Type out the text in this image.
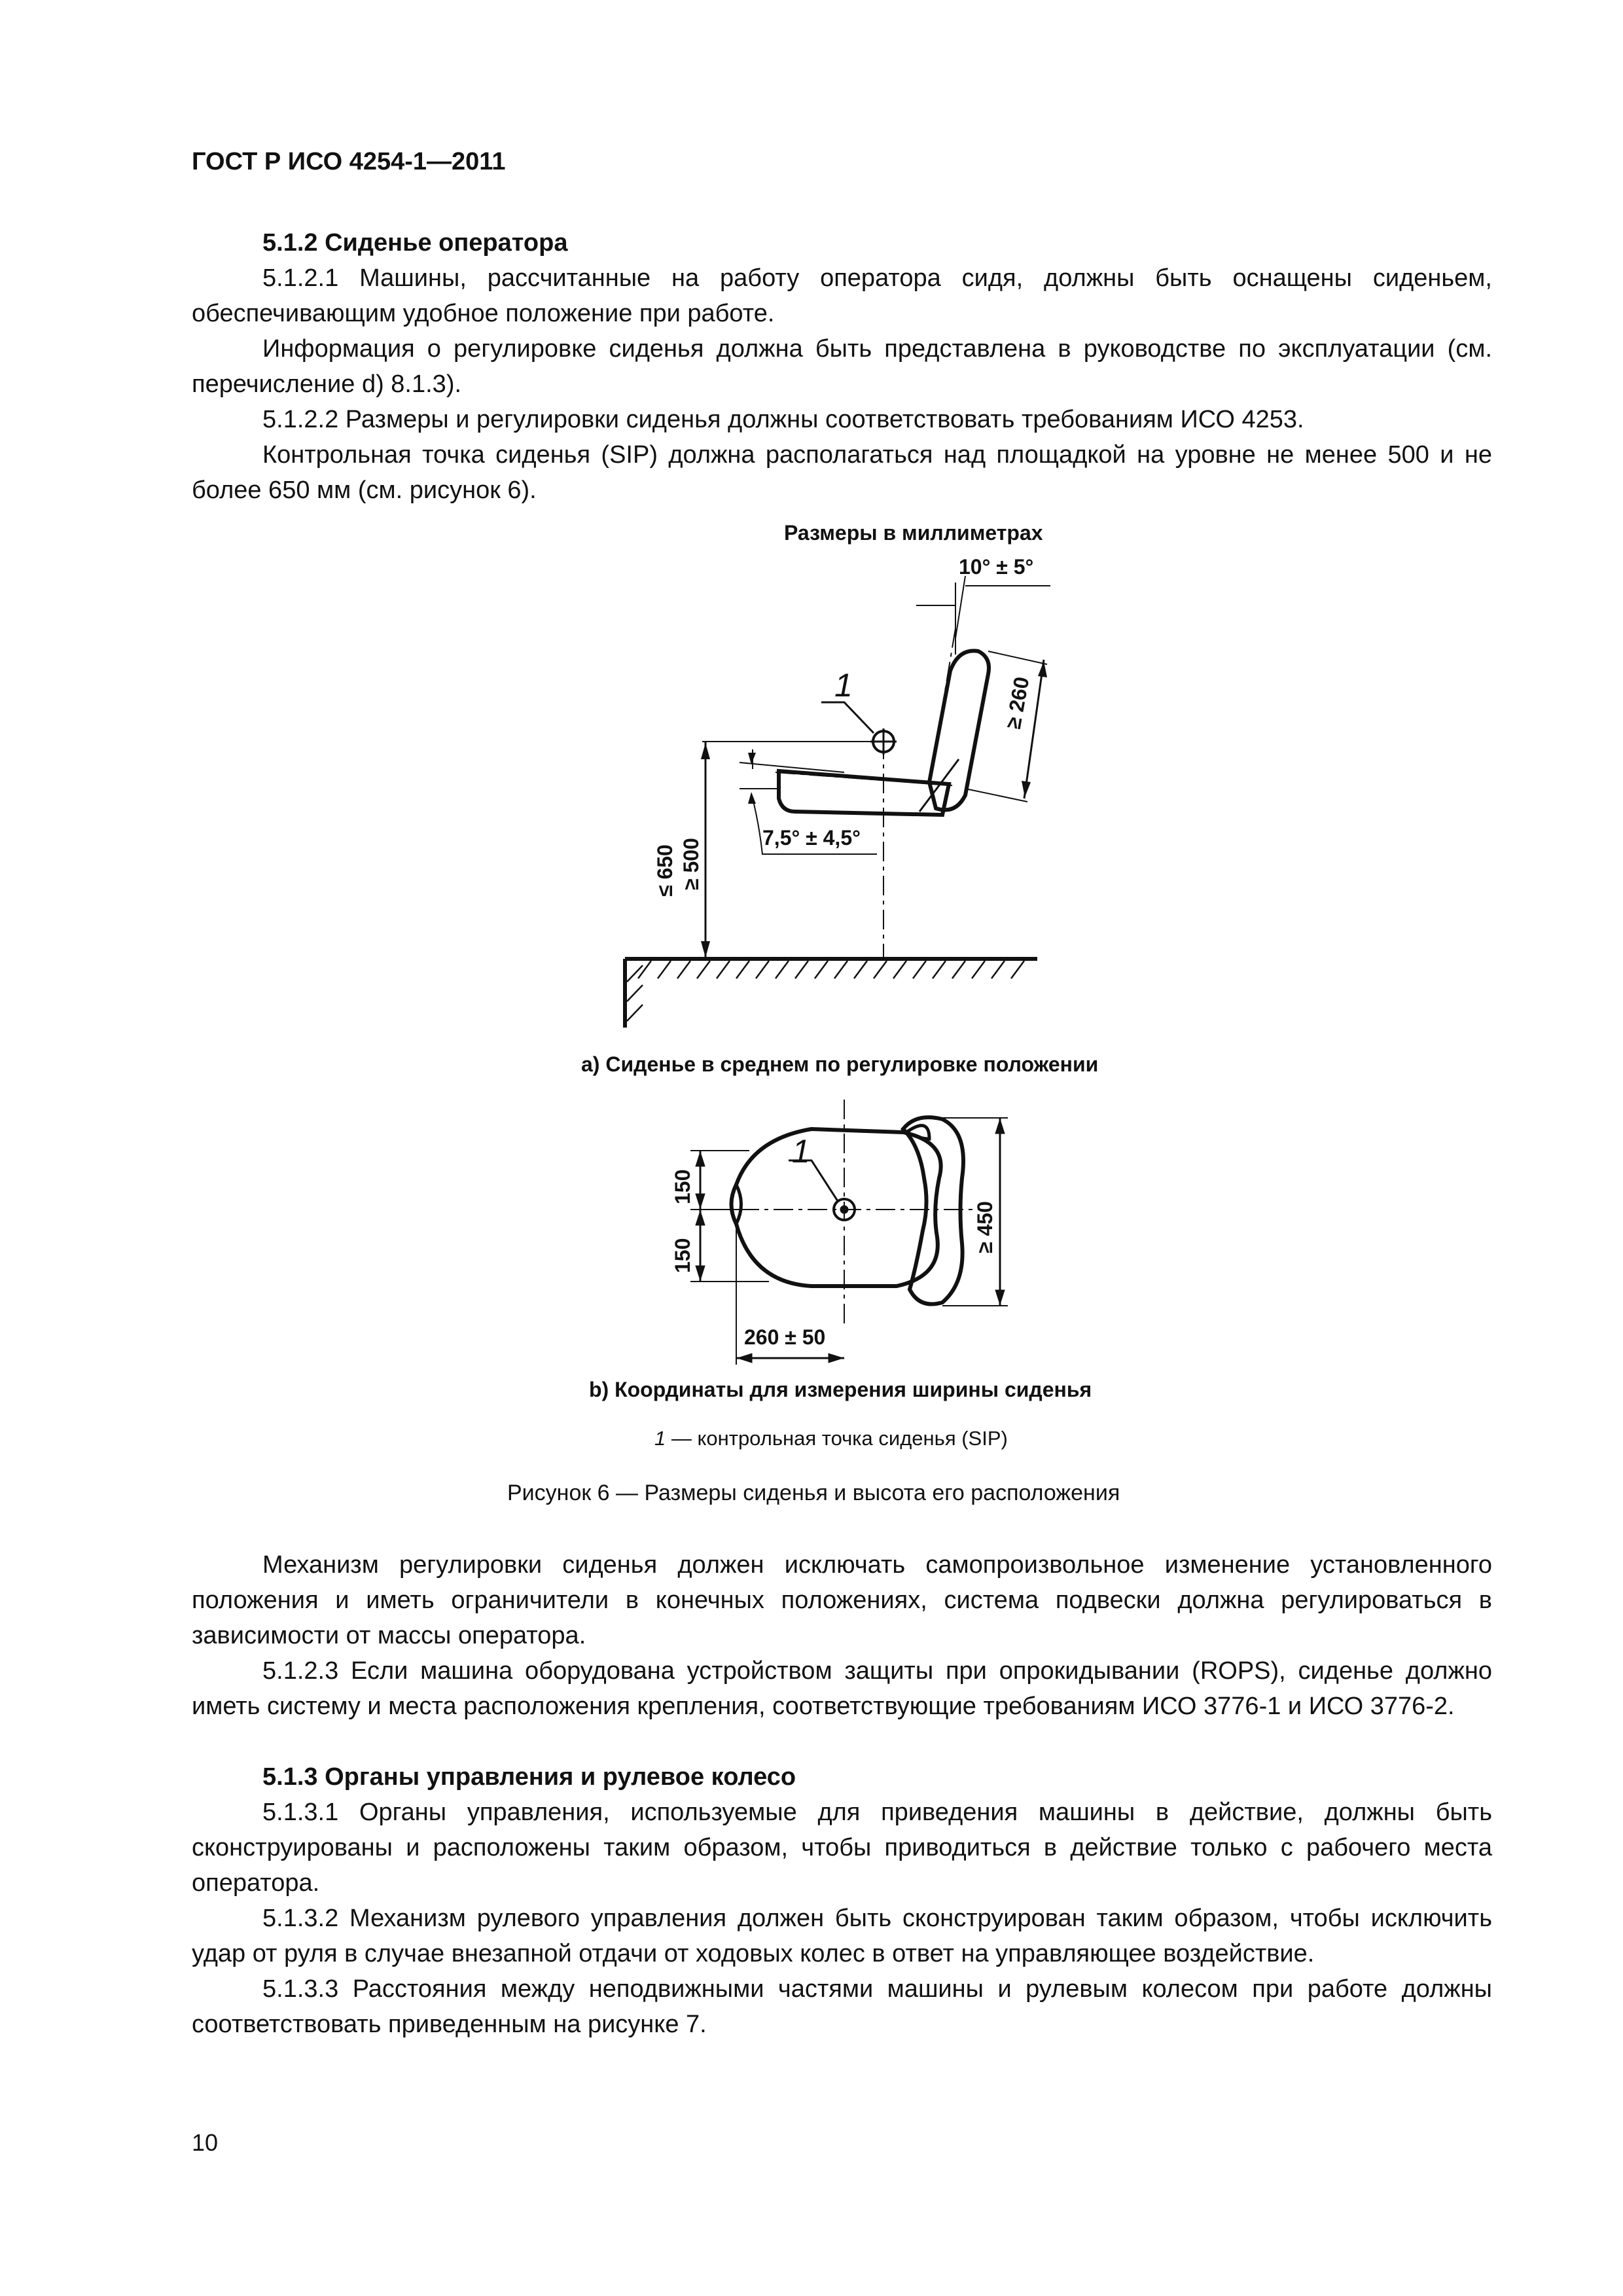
ГОСТ Р ИСО 4254-1—2011
5.1.2 Сиденье оператора
5.1.2.1 Машины, рассчитанные на работу оператора сидя, должны быть оснащены сиденьем, обеспечивающим удобное положение при работе.
Информация о регулировке сиденья должна быть представлена в руководстве по эксплуатации (см. перечисление d) 8.1.3).
5.1.2.2 Размеры и регулировки сиденья должны соответствовать требованиям ИСО 4253.
Контрольная точка сиденья (SIP) должна располагаться над площадкой на уровне не менее 500 и не более 650 мм (см. рисунок 6).
Размеры в миллиметрах
10° ± 5°
≥ 260
1
7,5° ± 4,5°
≤ 650 ≥ 500
a) Сиденье в среднем по регулировке положении
1
150
150
≥ 450
260 ± 50
b) Координаты для измерения ширины сиденья
1 — контрольная точка сиденья (SIP)
Рисунок 6 — Размеры сиденья и высота его расположения
Механизм регулировки сиденья должен исключать самопроизвольное изменение установленного положения и иметь ограничители в конечных положениях, система подвески должна регулироваться в зависимости от массы оператора.
5.1.2.3 Если машина оборудована устройством защиты при опрокидывании (ROPS), сиденье должно иметь систему и места расположения крепления, соответствующие требованиям ИСО 3776-1 и ИСО 3776-2.
5.1.3 Органы управления и рулевое колесо
5.1.3.1 Органы управления, используемые для приведения машины в действие, должны быть сконструированы и расположены таким образом, чтобы приводиться в действие только с рабочего места оператора.
5.1.3.2 Механизм рулевого управления должен быть сконструирован таким образом, чтобы исключить удар от руля в случае внезапной отдачи от ходовых колес в ответ на управляющее воздействие.
5.1.3.3 Расстояния между неподвижными частями машины и рулевым колесом при работе должны соответствовать приведенным на рисунке 7.
10
